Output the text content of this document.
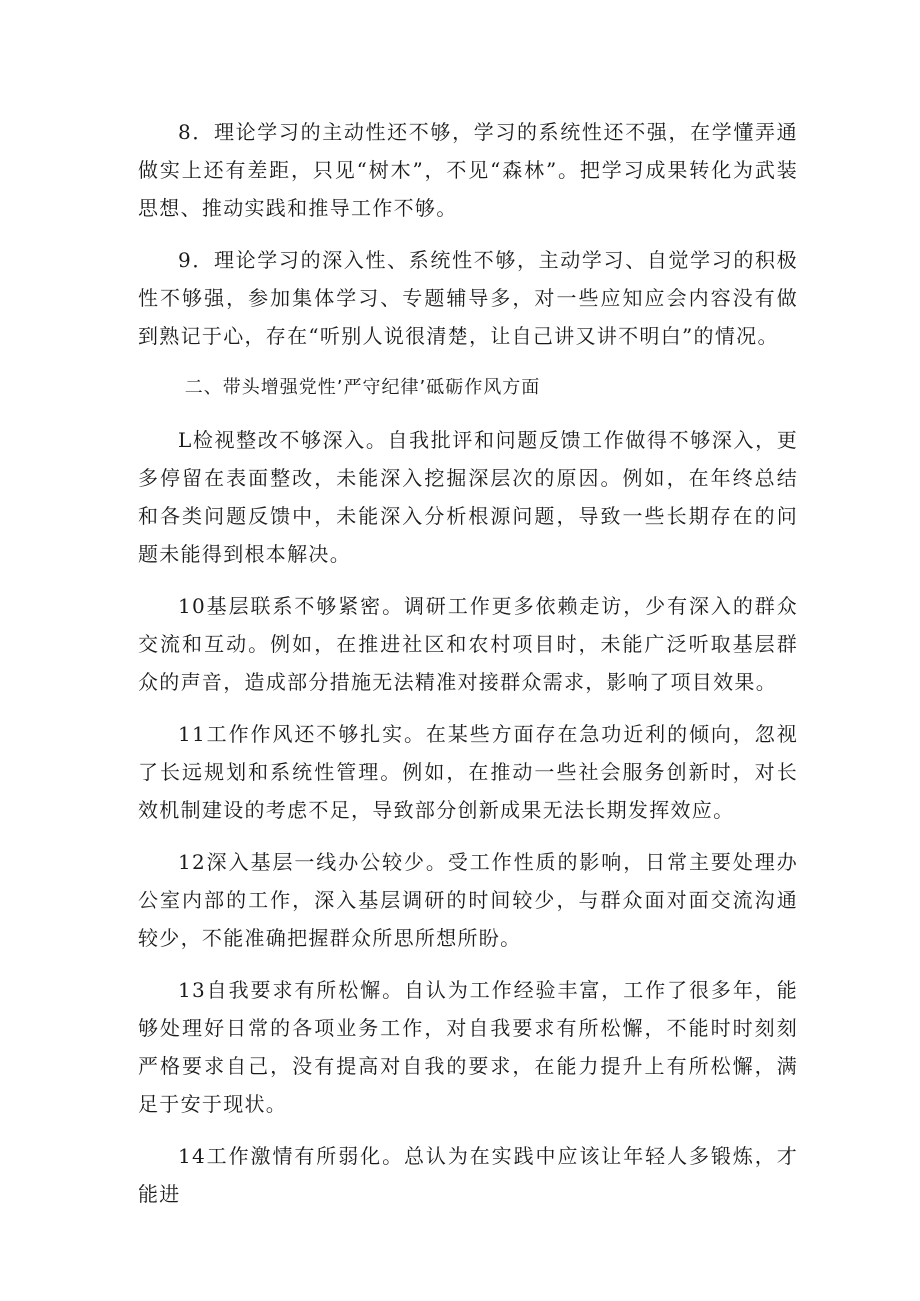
8．理论学习的主动性还不够，学习的系统性还不强，在学懂弄通做实上还有差距，只见“树木”，不见“森林”。把学习成果转化为武装思想、推动实践和推导工作不够。

9．理论学习的深入性、系统性不够，主动学习、自觉学习的积极性不够强，参加集体学习、专题辅导多，对一些应知应会内容没有做到熟记于心，存在“听别人说很清楚，让自己讲又讲不明白”的情况。

二、带头增强党性’严守纪律’砥砺作风方面

L检视整改不够深入。自我批评和问题反馈工作做得不够深入，更多停留在表面整改，未能深入挖掘深层次的原因。例如，在年终总结和各类问题反馈中，未能深入分析根源问题，导致一些长期存在的问题未能得到根本解决。

10基层联系不够紧密。调研工作更多依赖走访，少有深入的群众交流和互动。例如，在推进社区和农村项目时，未能广泛听取基层群众的声音，造成部分措施无法精准对接群众需求，影响了项目效果。

11工作作风还不够扎实。在某些方面存在急功近利的倾向，忽视了长远规划和系统性管理。例如，在推动一些社会服务创新时，对长效机制建设的考虑不足，导致部分创新成果无法长期发挥效应。

12深入基层一线办公较少。受工作性质的影响，日常主要处理办公室内部的工作，深入基层调研的时间较少，与群众面对面交流沟通较少，不能准确把握群众所思所想所盼。

13自我要求有所松懈。自认为工作经验丰富，工作了很多年，能够处理好日常的各项业务工作，对自我要求有所松懈，不能时时刻刻严格要求自己，没有提高对自我的要求，在能力提升上有所松懈，满足于安于现状。

14工作激情有所弱化。总认为在实践中应该让年轻人多锻炼，才能进
